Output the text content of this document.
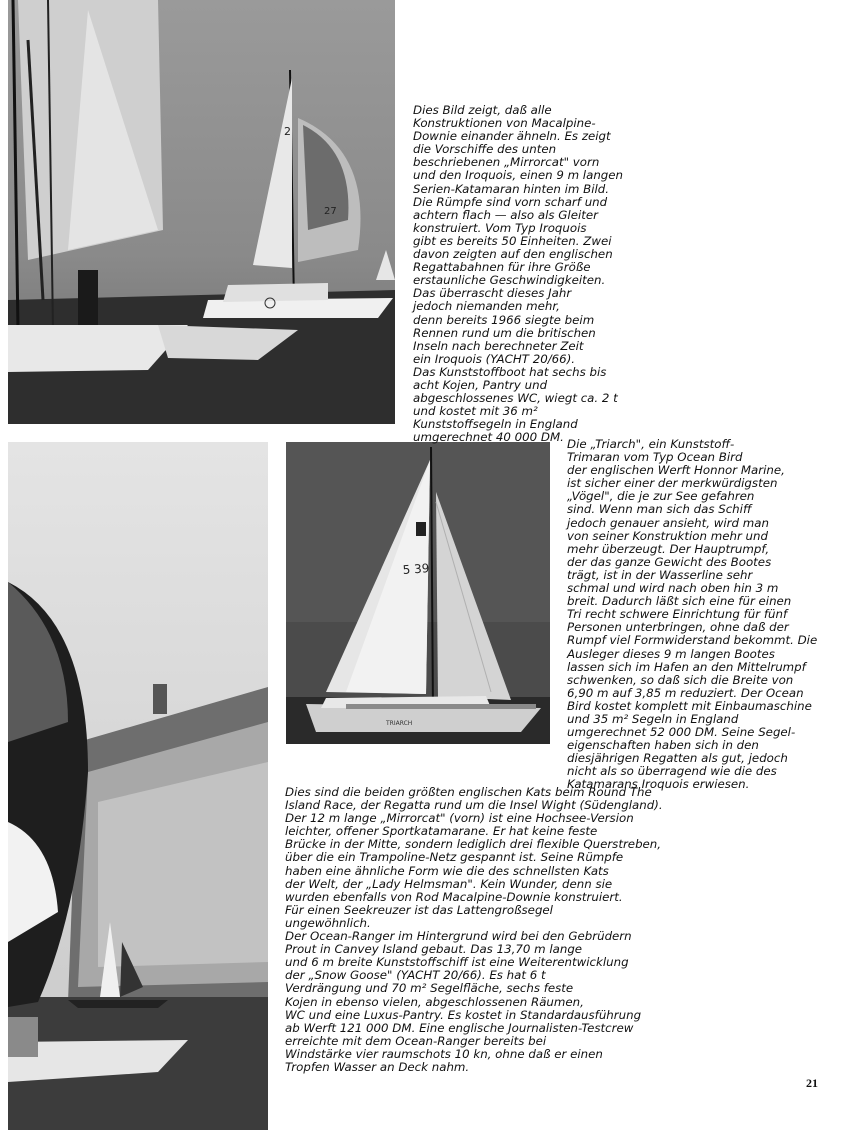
2
27
5 39
TRIARCH

Dies Bild zeigt, daß alle
Konstruktionen von Macalpine-
Downie einander ähneln. Es zeigt
die Vorschiffe des unten
beschriebenen „Mirrorcat" vorn
und den Iroquois, einen 9 m langen
Serien-Katamaran hinten im Bild.
Die Rümpfe sind vorn scharf und
achtern flach — also als Gleiter
konstruiert. Vom Typ Iroquois
gibt es bereits 50 Einheiten. Zwei
davon zeigten auf den englischen
Regattabahnen für ihre Größe
erstaunliche Geschwindigkeiten.
Das überrascht dieses Jahr
jedoch niemanden mehr,
denn bereits 1966 siegte beim
Rennen rund um die britischen
Inseln nach berechneter Zeit
ein Iroquois (YACHT 20/66).
Das Kunststoffboot hat sechs bis
acht Kojen, Pantry und
abgeschlossenes WC, wiegt ca. 2 t
und kostet mit 36 m²
Kunststoffsegeln in England
umgerechnet 40 000 DM. Die „Triarch", ein Kunststoff-
Trimaran vom Typ Ocean Bird
der englischen Werft Honnor Marine,
ist sicher einer der merkwürdigsten
„Vögel", die je zur See gefahren
sind. Wenn man sich das Schiff
jedoch genauer ansieht, wird man
von seiner Konstruktion mehr und
mehr überzeugt. Der Hauptrumpf,
der das ganze Gewicht des Bootes
trägt, ist in der Wasserline sehr
schmal und wird nach oben hin 3 m
breit. Dadurch läßt sich eine für einen
Tri recht schwere Einrichtung für fünf
Personen unterbringen, ohne daß der
Rumpf viel Formwiderstand bekommt. Die
Ausleger dieses 9 m langen Bootes
lassen sich im Hafen an den Mittelrumpf
schwenken, so daß sich die Breite von
6,90 m auf 3,85 m reduziert. Der Ocean
Bird kostet komplett mit Einbaumaschine
und 35 m² Segeln in England
umgerechnet 52 000 DM. Seine Segel-
eigenschaften haben sich in den
diesjährigen Regatten als gut, jedoch
nicht als so überragend wie die des
Katamarans Iroquois erwiesen.

Dies sind die beiden größten englischen Kats beim Round The
Island Race, der Regatta rund um die Insel Wight (Südengland).
Der 12 m lange „Mirrorcat" (vorn) ist eine Hochsee-Version
leichter, offener Sportkatamarane. Er hat keine feste
Brücke in der Mitte, sondern lediglich drei flexible Querstreben,
über die ein Trampoline-Netz gespannt ist. Seine Rümpfe
haben eine ähnliche Form wie die des schnellsten Kats
der Welt, der „Lady Helmsman". Kein Wunder, denn sie
wurden ebenfalls von Rod Macalpine-Downie konstruiert.
Für einen Seekreuzer ist das Lattengroßsegel
ungewöhnlich.
Der Ocean-Ranger im Hintergrund wird bei den Gebrüdern
Prout in Canvey Island gebaut. Das 13,70 m lange
und 6 m breite Kunststoffschiff ist eine Weiterentwicklung
der „Snow Goose" (YACHT 20/66). Es hat 6 t
Verdrängung und 70 m² Segelfläche, sechs feste
Kojen in ebenso vielen, abgeschlossenen Räumen,
WC und eine Luxus-Pantry. Es kostet in Standardausführung
ab Werft 121 000 DM. Eine englische Journalisten-Testcrew
erreichte mit dem Ocean-Ranger bereits bei
Windstärke vier raumschots 10 kn, ohne daß er einen
Tropfen Wasser an Deck nahm.

21
